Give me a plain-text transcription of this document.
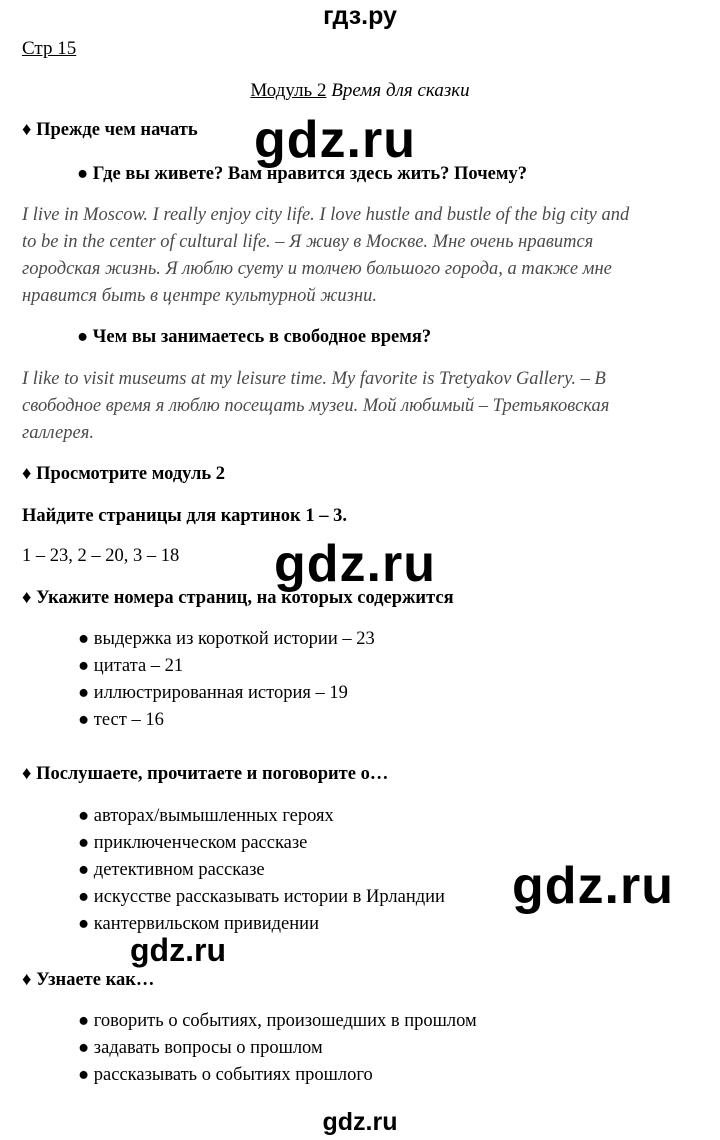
гдз.ру
Стр 15
Модуль 2 Время для сказки
♦ Прежде чем начать
● Где вы живете? Вам нравится здесь жить? Почему?
I live in Moscow. I really enjoy city life. I love hustle and bustle of the big city and
to be in the center of cultural life. – Я живу в Москве. Мне очень нравится
городская жизнь. Я люблю суету и толчею большого города, а также мне
нравится быть в центре культурной жизни.
● Чем вы занимаетесь в свободное время?
I like to visit museums at my leisure time. My favorite is Tretyakov Gallery. – В
свободное время я люблю посещать музеи. Мой любимый – Третьяковская
галлерея.
♦ Просмотрите модуль 2
Найдите страницы для картинок 1 – 3.
1 – 23, 2 – 20, 3 – 18
♦ Укажите номера страниц, на которых содержится
● выдержка из короткой истории – 23
● цитата – 21
● иллюстрированная история – 19
● тест – 16
♦ Послушаете, прочитаете и поговорите о…
● авторах/вымышленных героях
● приключенческом рассказе
● детективном рассказе
● искусстве рассказывать истории в Ирландии
● кантервильском привидении
♦ Узнаете как…
● говорить о событиях, произошедших в прошлом
● задавать вопросы о прошлом
● рассказывать о событиях прошлого
gdz.ru
gdz.ru
gdz.ru
gdz.ru
gdz.ru
